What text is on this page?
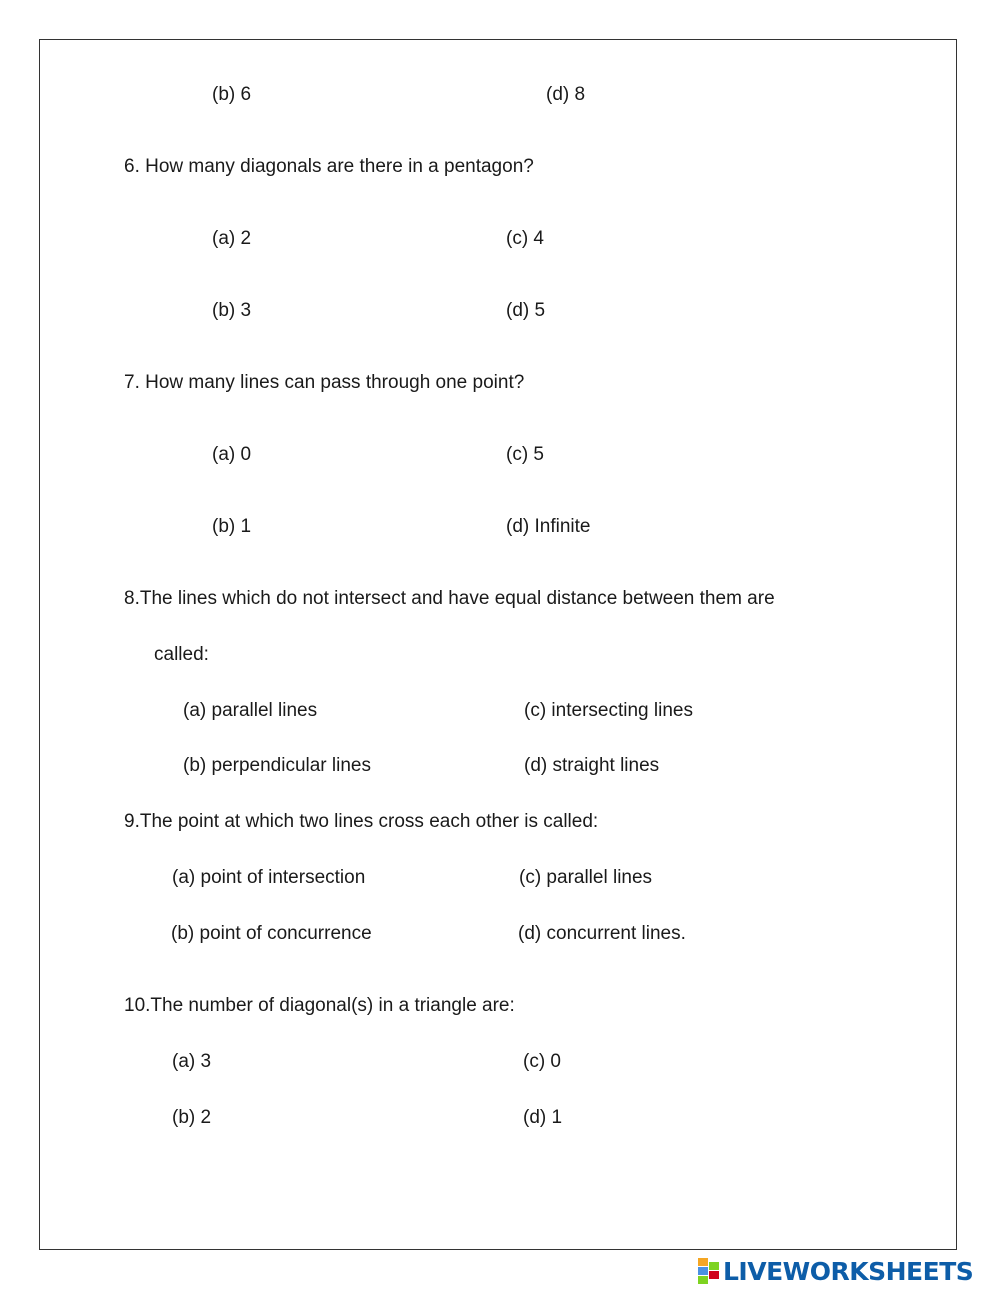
(b) 6	(d) 8
6. How many diagonals are there in a pentagon?
(a) 2	(c) 4
(b) 3	(d) 5
7. How many lines can pass through one point?
(a) 0	(c) 5
(b) 1	(d) Infinite
8.The lines which do not intersect and have equal distance between them are
called:
(a) parallel lines	(c) intersecting lines
(b) perpendicular lines	(d) straight lines
9.The point at which two lines cross each other is called:
(a) point of intersection	(c) parallel lines
(b) point of concurrence	(d) concurrent lines.
10.The number of diagonal(s) in a triangle are:
(a) 3	(c) 0
(b) 2	(d) 1
LIVEWORKSHEETS
